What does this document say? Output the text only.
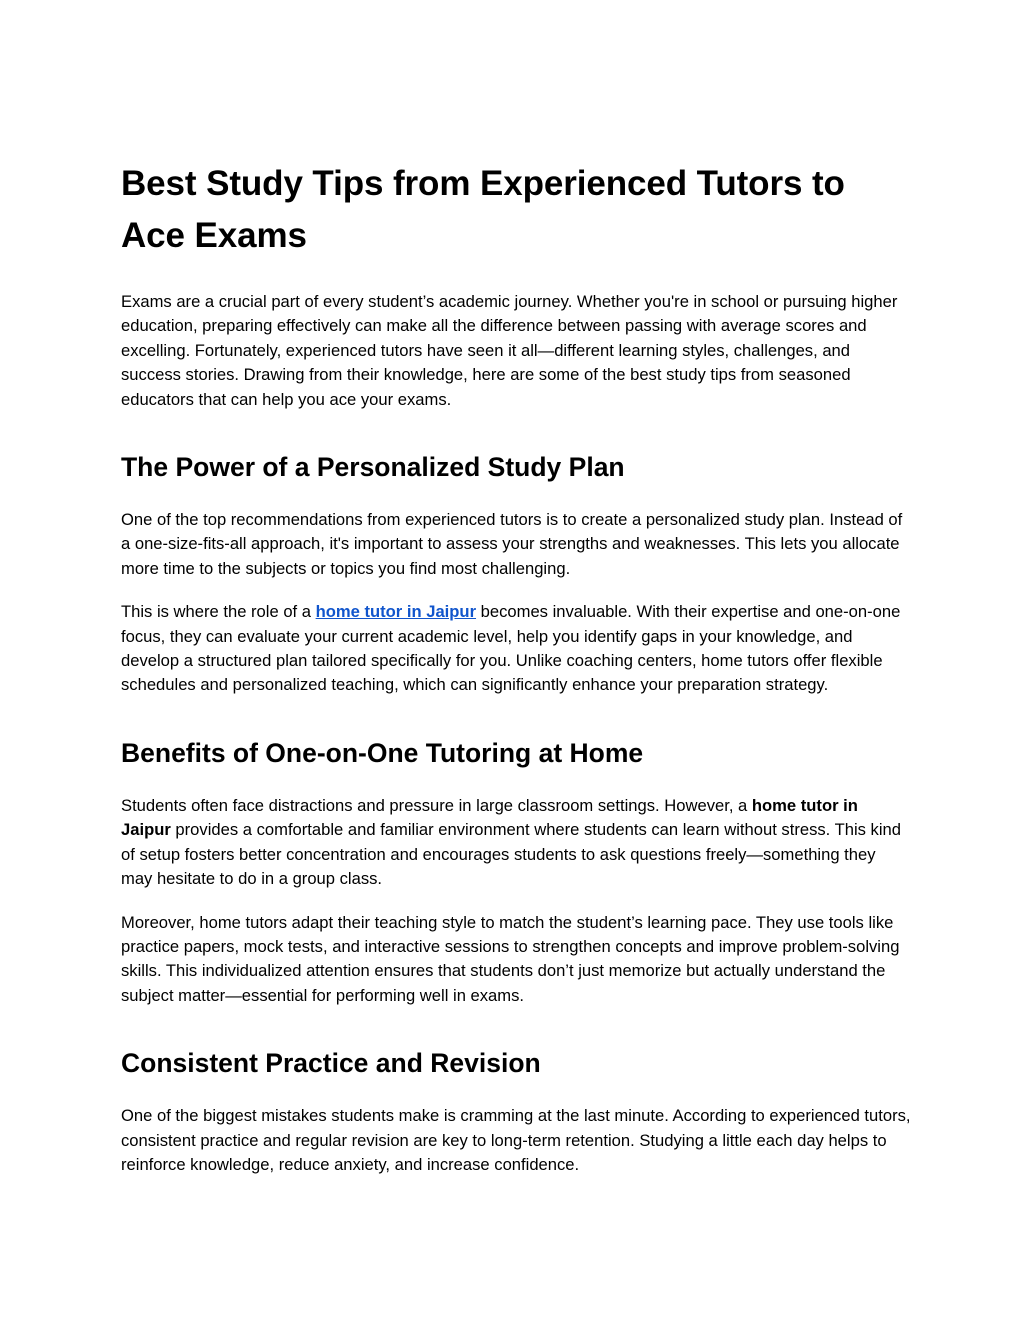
Best Study Tips from Experienced Tutors to Ace Exams

Exams are a crucial part of every student’s academic journey. Whether you're in school or pursuing higher education, preparing effectively can make all the difference between passing with average scores and excelling. Fortunately, experienced tutors have seen it all—different learning styles, challenges, and success stories. Drawing from their knowledge, here are some of the best study tips from seasoned educators that can help you ace your exams.

The Power of a Personalized Study Plan

One of the top recommendations from experienced tutors is to create a personalized study plan. Instead of a one-size-fits-all approach, it's important to assess your strengths and weaknesses. This lets you allocate more time to the subjects or topics you find most challenging.

This is where the role of a home tutor in Jaipur becomes invaluable. With their expertise and one-on-one focus, they can evaluate your current academic level, help you identify gaps in your knowledge, and develop a structured plan tailored specifically for you. Unlike coaching centers, home tutors offer flexible schedules and personalized teaching, which can significantly enhance your preparation strategy.

Benefits of One-on-One Tutoring at Home

Students often face distractions and pressure in large classroom settings. However, a home tutor in Jaipur provides a comfortable and familiar environment where students can learn without stress. This kind of setup fosters better concentration and encourages students to ask questions freely—something they may hesitate to do in a group class.

Moreover, home tutors adapt their teaching style to match the student’s learning pace. They use tools like practice papers, mock tests, and interactive sessions to strengthen concepts and improve problem-solving skills. This individualized attention ensures that students don’t just memorize but actually understand the subject matter—essential for performing well in exams.

Consistent Practice and Revision

One of the biggest mistakes students make is cramming at the last minute. According to experienced tutors, consistent practice and regular revision are key to long-term retention. Studying a little each day helps to reinforce knowledge, reduce anxiety, and increase confidence.
